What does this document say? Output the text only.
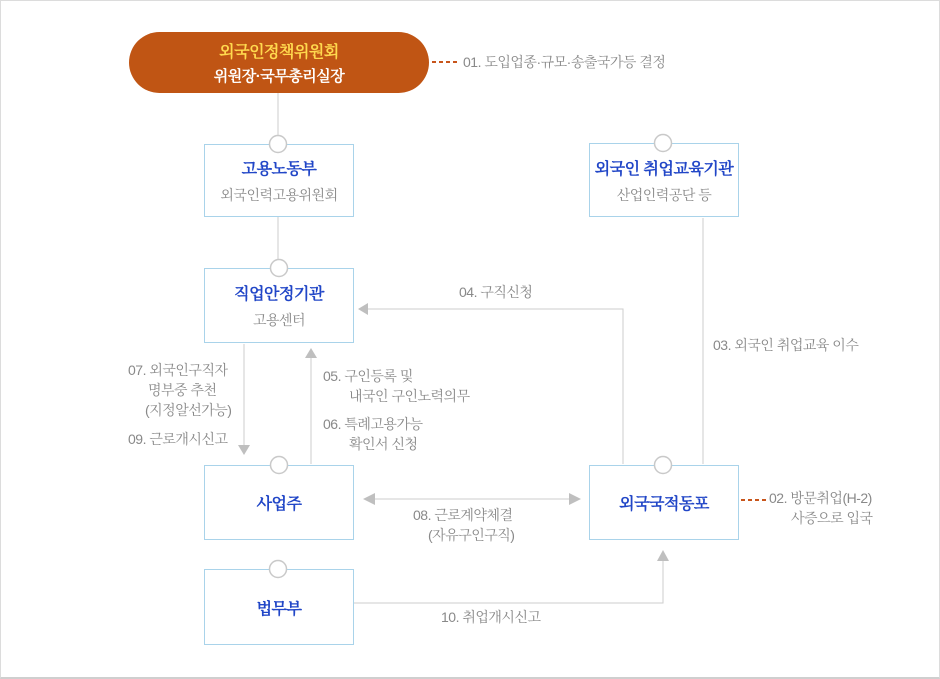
외국인정책위원회
위원장·국무총리실장
고용노동부
외국인력고용위원회
외국인 취업교육기관
산업인력공단 등
직업안정기관
고용센터
사업주	외국국적동포
법무부
01. 도입업종·규모·송출국가등 결정
02. 방문취업(H-2)
사증으로 입국
03. 외국인 취업교육 이수
04. 구직신청
05. 구인등록 및
내국인 구인노력의무
06. 특례고용가능
확인서 신청
07. 외국인구직자
명부중 추천
(지정알선가능)
08. 근로계약체결
(자유구인구직)
09. 근로개시신고
10. 취업개시신고
